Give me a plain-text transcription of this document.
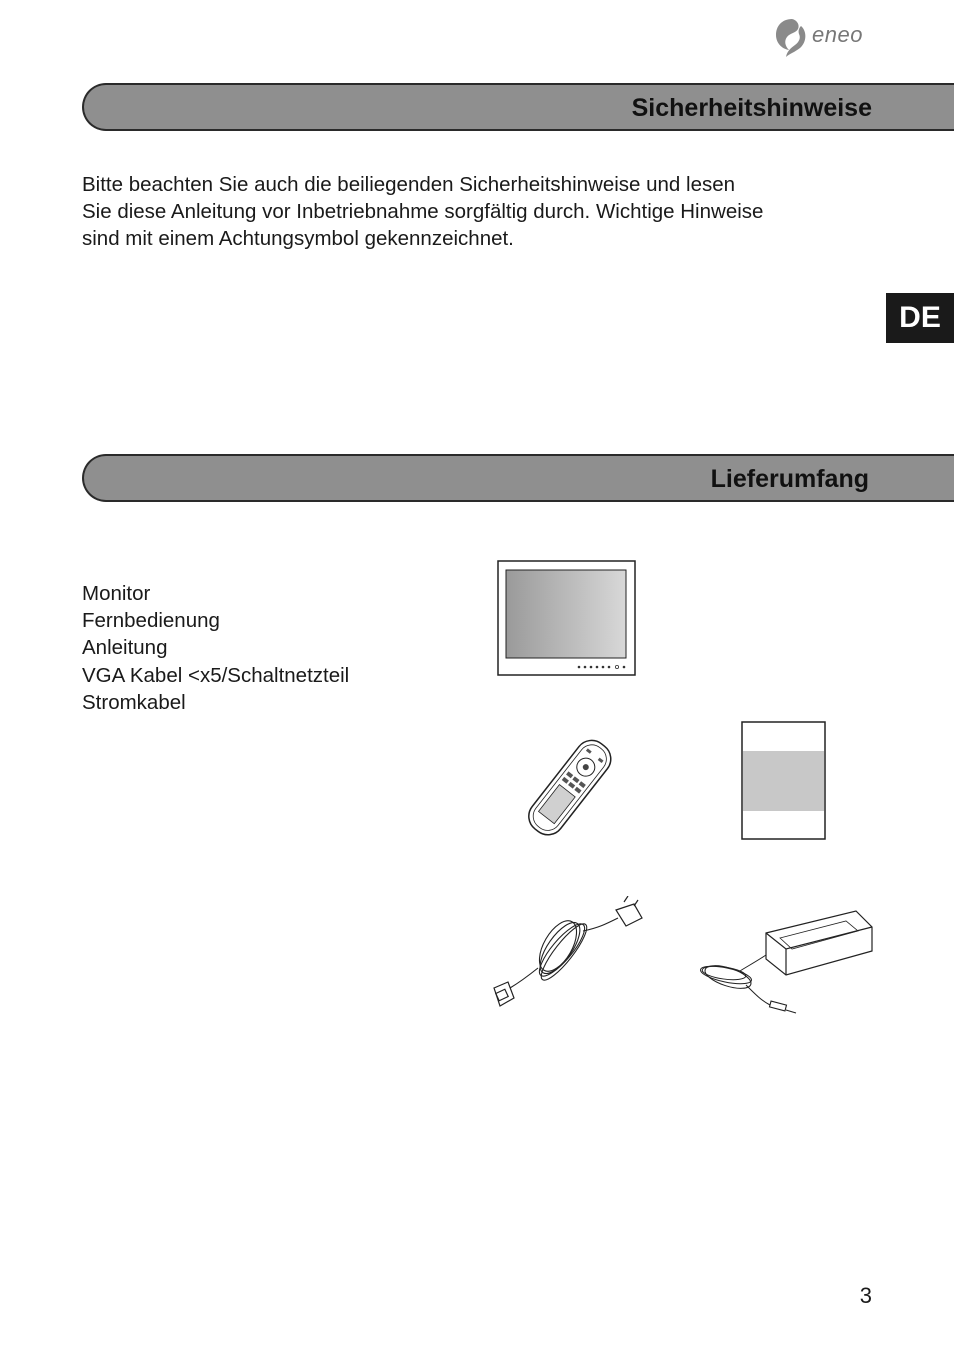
eneo
Sicherheitshinweise
Bitte beachten Sie auch die beiliegenden Sicherheitshinweise und lesen
Sie diese Anleitung vor Inbetriebnahme sorgfältig durch. Wichtige Hinweise
sind mit einem Achtungsymbol gekennzeichnet.
DE
Lieferumfang
Monitor
Fernbedienung
Anleitung
VGA Kabel <x5/Schaltnetzteil
Stromkabel
3
